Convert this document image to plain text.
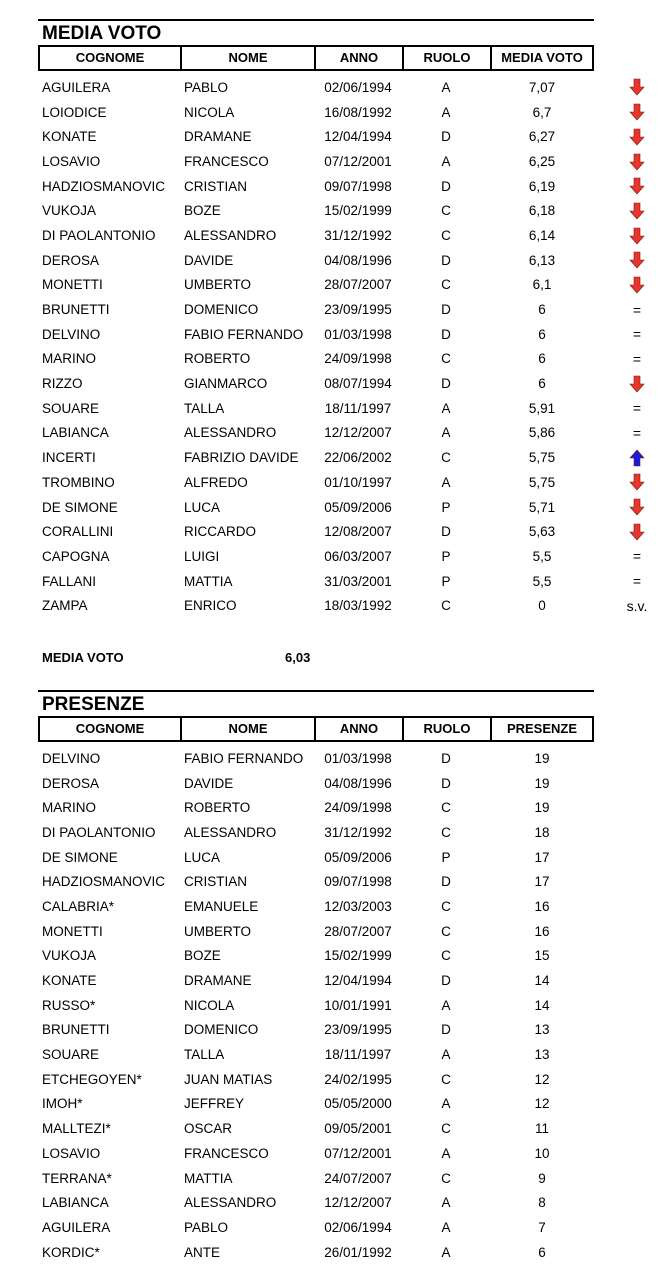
MEDIA VOTO
COGNOME	NOME	ANNO	RUOLO	MEDIA VOTO
AGUILERA	PABLO	02/06/1994	A	7,07
LOIODICE	NICOLA	16/08/1992	A	6,7
KONATE	DRAMANE	12/04/1994	D	6,27
LOSAVIO	FRANCESCO	07/12/2001	A	6,25
HADZIOSMANOVIC	CRISTIAN	09/07/1998	D	6,19
VUKOJA	BOZE	15/02/1999	C	6,18
DI PAOLANTONIO	ALESSANDRO	31/12/1992	C	6,14
DEROSA	DAVIDE	04/08/1996	D	6,13
MONETTI	UMBERTO	28/07/2007	C	6,1
BRUNETTI	DOMENICO	23/09/1995	D	6	=
DELVINO	FABIO FERNANDO	01/03/1998	D	6	=
MARINO	ROBERTO	24/09/1998	C	6	=
RIZZO	GIANMARCO	08/07/1994	D	6
SOUARE	TALLA	18/11/1997	A	5,91	=
LABIANCA	ALESSANDRO	12/12/2007	A	5,86	=
INCERTI	FABRIZIO DAVIDE	22/06/2002	C	5,75
TROMBINO	ALFREDO	01/10/1997	A	5,75
DE SIMONE	LUCA	05/09/2006	P	5,71
CORALLINI	RICCARDO	12/08/2007	D	5,63
CAPOGNA	LUIGI	06/03/2007	P	5,5	=
FALLANI	MATTIA	31/03/2001	P	5,5	=
ZAMPA	ENRICO	18/03/1992	C	0	s.v.
MEDIA VOTO	6,03
PRESENZE
COGNOME	NOME	ANNO	RUOLO	PRESENZE
DELVINO	FABIO FERNANDO	01/03/1998	D	19
DEROSA	DAVIDE	04/08/1996	D	19
MARINO	ROBERTO	24/09/1998	C	19
DI PAOLANTONIO	ALESSANDRO	31/12/1992	C	18
DE SIMONE	LUCA	05/09/2006	P	17
HADZIOSMANOVIC	CRISTIAN	09/07/1998	D	17
CALABRIA*	EMANUELE	12/03/2003	C	16
MONETTI	UMBERTO	28/07/2007	C	16
VUKOJA	BOZE	15/02/1999	C	15
KONATE	DRAMANE	12/04/1994	D	14
RUSSO*	NICOLA	10/01/1991	A	14
BRUNETTI	DOMENICO	23/09/1995	D	13
SOUARE	TALLA	18/11/1997	A	13
ETCHEGOYEN*	JUAN MATIAS	24/02/1995	C	12
IMOH*	JEFFREY	05/05/2000	A	12
MALLTEZI*	OSCAR	09/05/2001	C	11
LOSAVIO	FRANCESCO	07/12/2001	A	10
TERRANA*	MATTIA	24/07/2007	C	9
LABIANCA	ALESSANDRO	12/12/2007	A	8
AGUILERA	PABLO	02/06/1994	A	7
KORDIC*	ANTE	26/01/1992	A	6
